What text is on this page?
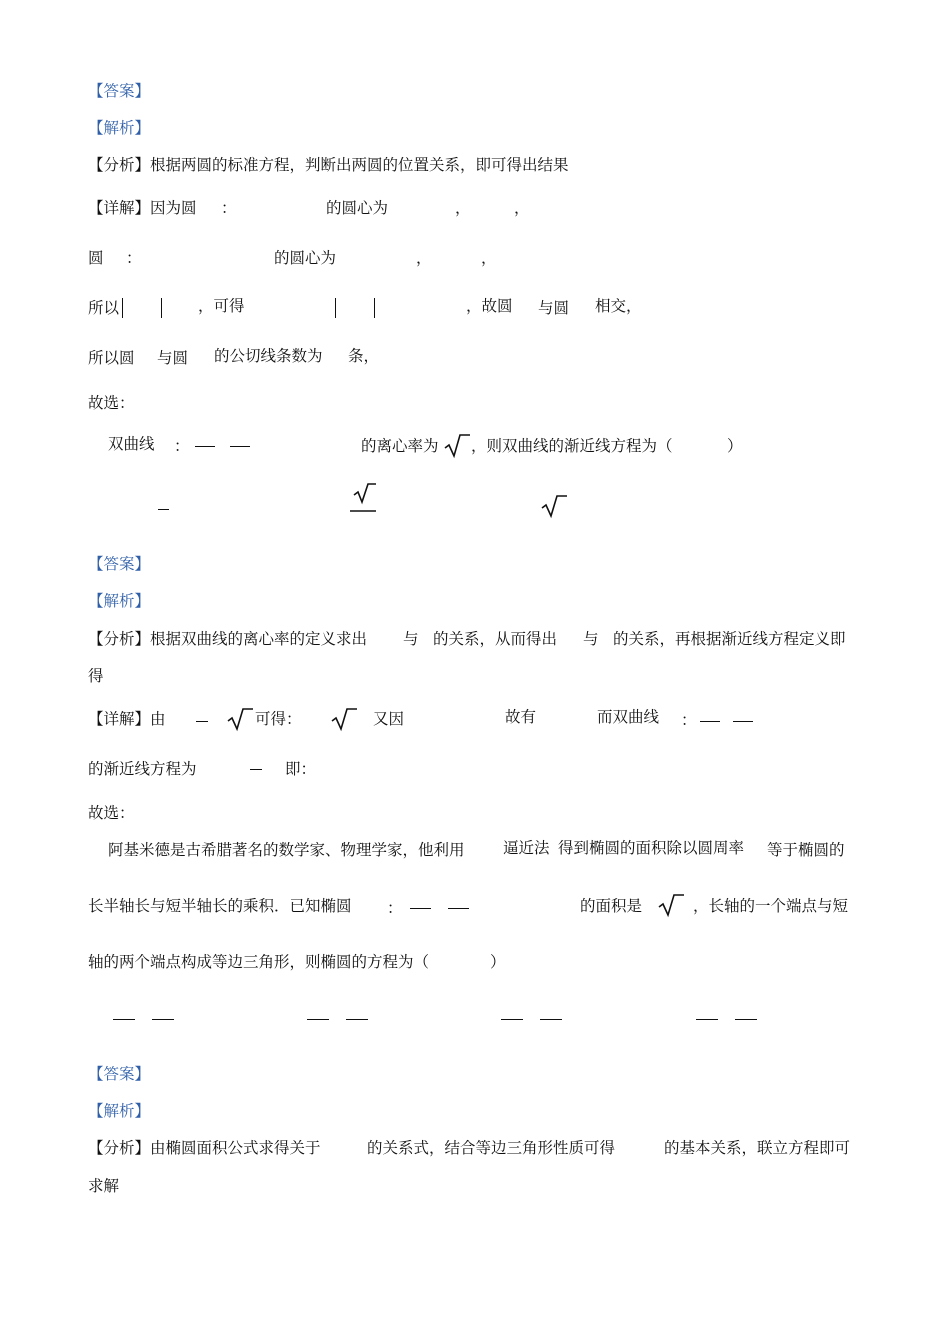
【答案】
【解析】
【分析】根据两圆的标准方程，判断出两圆的位置关系，即可得出结果
【详解】因为圆 ：	的圆心为	，	，
圆 ：	的圆心为	，	，
所以	，可得	，故圆 与圆 相交，
所以圆 与圆 的公切线条数为 条，
故选：
双曲线 ：	的离心率为 ，则双曲线的渐近线方程为（	）
【答案】
【解析】
【分析】根据双曲线的离心率的定义求出 与 的关系，从而得出 与 的关系，再根据渐近线方程定义即
得
【详解】由	可得：	又因	故有	而双曲线 ：
的渐近线方程为	即：
故选：
阿基米德是古希腊著名的数学家、物理学家，他利用 逼近法 得到椭圆的面积除以圆周率 等于椭圆的
长半轴长与短半轴长的乘积．已知椭圆 ：	的面积是	，长轴的一个端点与短
轴的两个端点构成等边三角形，则椭圆的方程为（	）
【答案】
【解析】
【分析】由椭圆面积公式求得关于	的关系式，结合等边三角形性质可得	的基本关系，联立方程即可
求解
